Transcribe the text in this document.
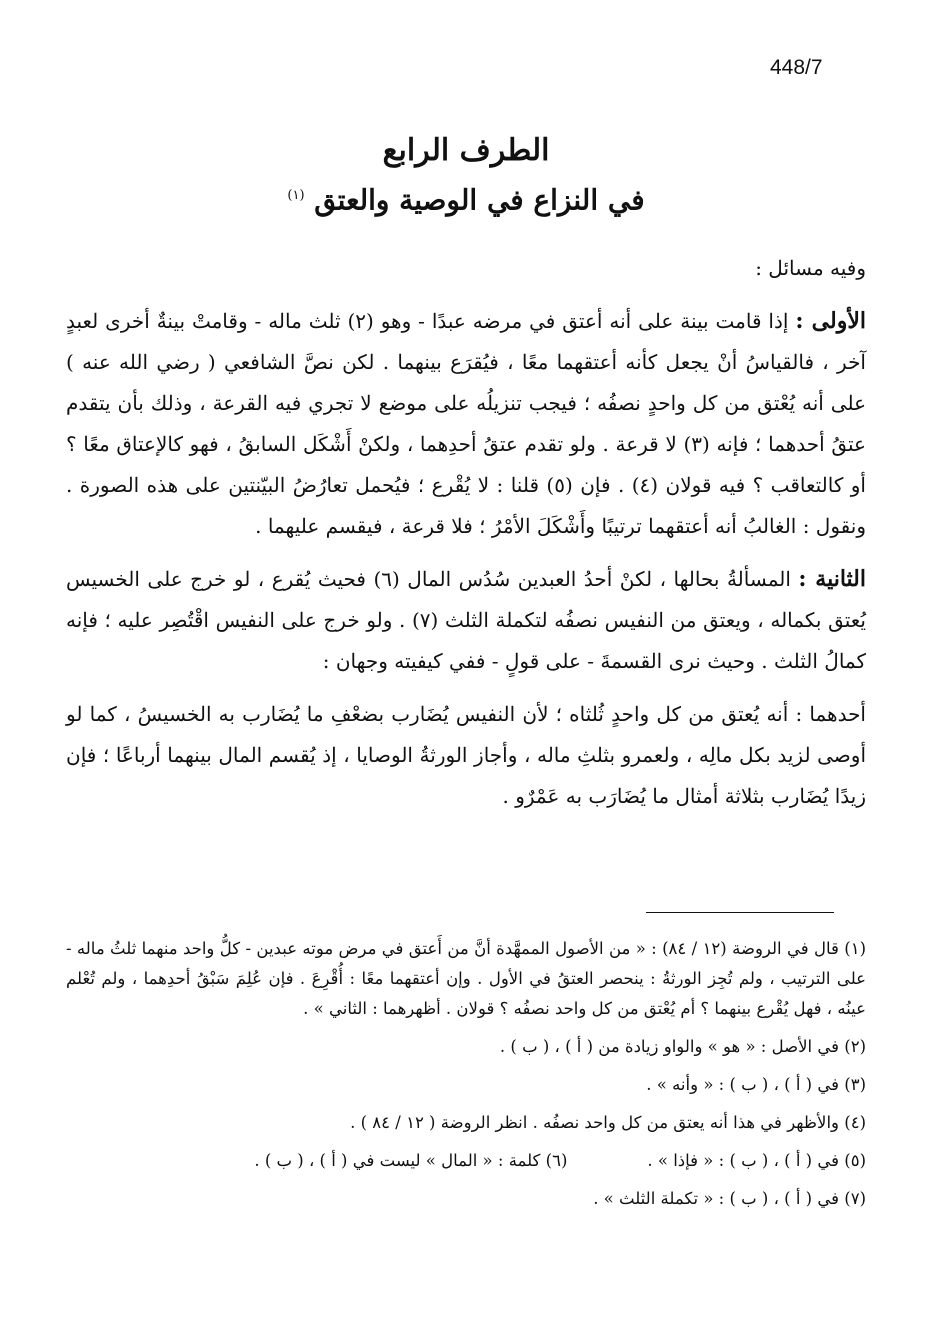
448/7

الطرف الرابع

في النزاع في الوصية والعتق $^{(١)}$

وفيه مسائل :

الأولى : إذا قامت بينة على أنه أعتق في مرضه عبدًا - وهو (٢) ثلث ماله - وقامتْ بينةٌ أخرى لعبدٍ آخر ، فالقياسُ أنْ يجعل كأنه أعتقهما معًا ، فيُقرَع بينهما . لكن نصَّ الشافعي ( رضي الله عنه ) على أنه يُعْتق من كل واحدٍ نصفُه ؛ فيجب تنزيلُه على موضع لا تجري فيه القرعة ، وذلك بأن يتقدم عتقُ أحدهما ؛ فإنه (٣) لا قرعة . ولو تقدم عتقُ أحدِهما ، ولكنْ أَشْكَل السابقُ ، فهو كالإعتاق معًا ؟ أو كالتعاقب ؟ فيه قولان (٤) . فإن (٥) قلنا : لا يُقْرع ؛ فيُحمل تعارُضُ البيّنتين على هذه الصورة . ونقول : الغالبُ أنه أعتقهما ترتيبًا وأَشْكَلَ الأمْرُ ؛ فلا قرعة ، فيقسم عليهما .

الثانية : المسألةُ بحالها ، لكنْ أحدُ العبدين سُدُس المال (٦) فحيث يُقرع ، لو خرج على الخسيس يُعتق بكماله ، ويعتق من النفيس نصفُه لتكملة الثلث (٧) . ولو خرج على النفيس اقْتُصِر عليه ؛ فإنه كمالُ الثلث . وحيث نرى القسمةَ - على قولٍ - ففي كيفيته وجهان :

أحدهما : أنه يُعتق من كل واحدٍ ثُلثاه ؛ لأن النفيس يُضَارب بضعْفِ ما يُضَارب به الخسيسُ ، كما لو أوصى لزيد بكل مالِه ، ولعمرو بثلثِ ماله ، وأجاز الورثةُ الوصايا ، إذ يُقسم المال بينهما أرباعًا ؛ فإن زيدًا يُضَارب بثلاثة أمثال ما يُضَارَب به عَمْرٌو .

(١) قال في الروضة (١٢ / ٨٤) : « من الأصول الممهَّدة أنَّ من أَعتق في مرض موته عبدين - كلُّ واحد منهما ثلثُ ماله - على الترتيب ، ولم تُجِز الورثةُ : ينحصر العتقُ في الأول . وإن أعتقهما معًا : أُقْرِعَ . فإن عُلِمَ سَبْقُ أحدِهما ، ولم تُعْلم عينُه ، فهل يُقْرع بينهما ؟ أم يُعْتق من كل واحد نصفُه ؟ قولان . أظهرهما : الثاني » .

(٢) في الأصل : « هو » والواو زيادة من ( أ ) ، ( ب ) .

(٣) في ( أ ) ، ( ب ) : « وأنه » .

(٤) والأظهر في هذا أنه يعتق من كل واحد نصفُه . انظر الروضة ( ١٢ / ٨٤ ) .

(٥) في ( أ ) ، ( ب ) : « فإذا » .

(٦) كلمة : « المال » ليست في ( أ ) ، ( ب ) .

(٧) في ( أ ) ، ( ب ) : « تكملة الثلث » .
